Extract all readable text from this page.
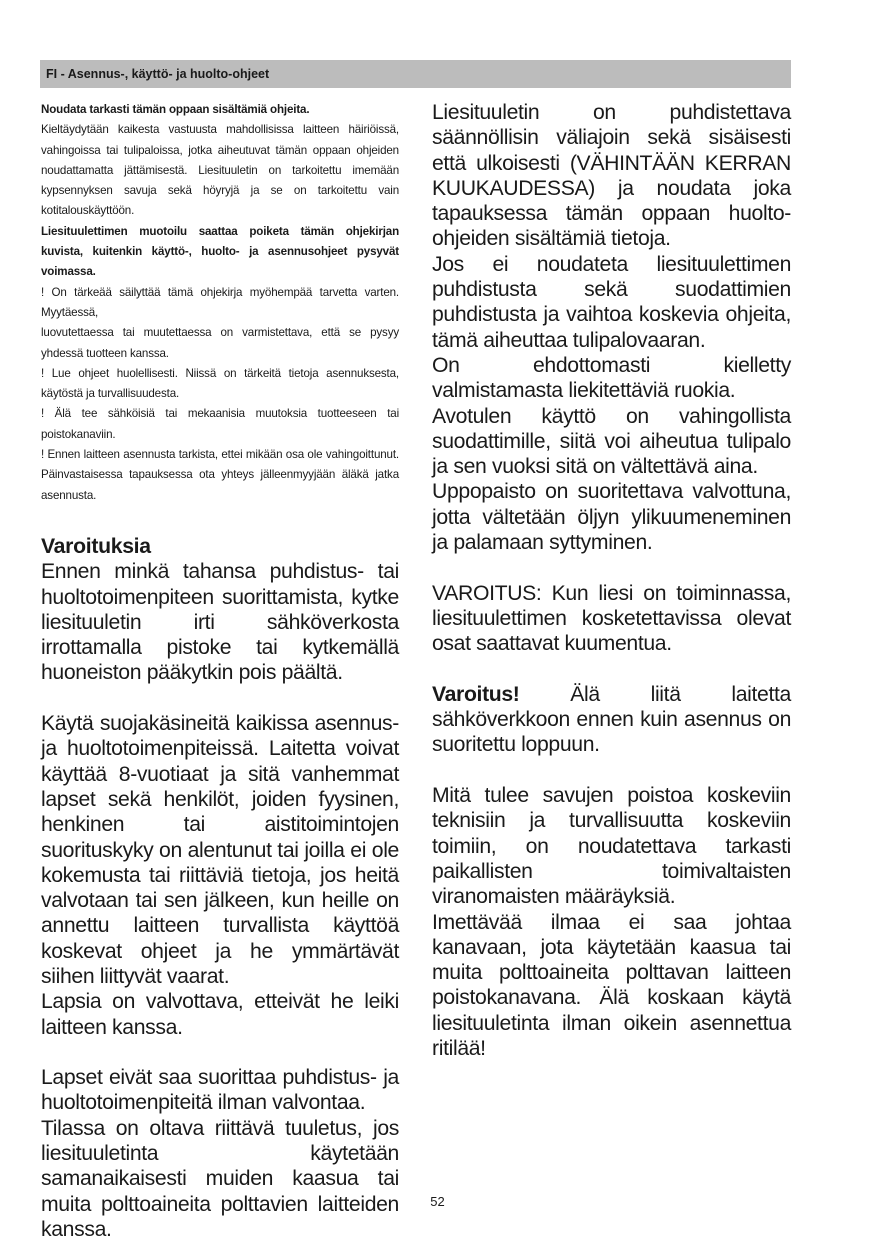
FI - Asennus-, käyttö- ja huolto-ohjeet

Noudata tarkasti tämän oppaan sisältämiä ohjeita.

Kieltäydytään kaikesta vastuusta mahdollisissa laitteen häiriöissä, vahingoissa tai tulipaloissa, jotka aiheutuvat tämän oppaan ohjeiden noudattamatta jättämisestä. Liesituuletin on tarkoitettu imemään kypsennyksen savuja sekä höyryjä ja se on tarkoitettu vain kotitalouskäyttöön.

Liesituulettimen muotoilu saattaa poiketa tämän ohjekirjan kuvista, kuitenkin käyttö-, huolto- ja asennusohjeet pysyvät voimassa.

! On tärkeää säilyttää tämä ohjekirja myöhempää tarvetta varten. Myytäessä,

luovutettaessa tai muutettaessa on varmistettava, että se pysyy yhdessä tuotteen kanssa.

! Lue ohjeet huolellisesti. Niissä on tärkeitä tietoja asennuksesta, käytöstä ja turvallisuudesta.

! Älä tee sähköisiä tai mekaanisia muutoksia tuotteeseen tai poistokanaviin.

! Ennen laitteen asennusta tarkista, ettei mikään osa ole vahingoittunut. Päinvastaisessa tapauksessa ota yhteys jälleenmyyjään äläkä jatka asennusta.

Varoituksia

Ennen minkä tahansa puhdistus- tai huoltotoimenpiteen suorittamista, kytke liesituuletin irti sähköverkosta irrottamalla pistoke tai kytkemällä huoneiston pääkytkin pois päältä.

Käytä suojakäsineitä kaikissa asennus- ja huoltotoimenpiteissä. Laitetta voivat käyttää 8-vuotiaat ja sitä vanhemmat lapset sekä henkilöt, joiden fyysinen, henkinen tai aistitoimintojen suorituskyky on alentunut tai joilla ei ole kokemusta tai riittäviä tietoja, jos heitä valvotaan tai sen jälkeen, kun heille on annettu laitteen turvallista käyttöä koskevat ohjeet ja he ymmärtävät siihen liittyvät vaarat.

Lapsia on valvottava, etteivät he leiki laitteen kanssa.

Lapset eivät saa suorittaa puhdistus- ja huoltotoimenpiteitä ilman valvontaa.

Tilassa on oltava riittävä tuuletus, jos liesituuletinta käytetään samanaikaisesti muiden kaasua tai muita polttoaineita polttavien laitteiden kanssa.

Liesituuletin on puhdistettava säännöllisin väliajoin sekä sisäisesti että ulkoisesti (VÄHINTÄÄN KERRAN KUUKAUDESSA) ja noudata joka tapauksessa tämän oppaan huolto-ohjeiden sisältämiä tietoja.

Jos ei noudateta liesituulettimen puhdistusta sekä suodattimien puhdistusta ja vaihtoa koskevia ohjeita, tämä aiheuttaa tulipalovaaran.

On ehdottomasti kielletty valmistamasta liekitettäviä ruokia.

Avotulen käyttö on vahingollista suodattimille, siitä voi aiheutua tulipalo ja sen vuoksi sitä on vältettävä aina.

Uppopaisto on suoritettava valvottuna, jotta vältetään öljyn ylikuumeneminen ja palamaan syttyminen.

VAROITUS: Kun liesi on toiminnassa, liesituulettimen kosketettavissa olevat osat saattavat kuumentua.

Varoitus! Älä liitä laitetta sähköverkkoon ennen kuin asennus on suoritettu loppuun.

Mitä tulee savujen poistoa koskeviin teknisiin ja turvallisuutta koskeviin toimiin, on noudatettava tarkasti paikallisten toimivaltaisten viranomaisten määräyksiä.

Imettävää ilmaa ei saa johtaa kanavaan, jota käytetään kaasua tai muita polttoaineita polttavan laitteen poistokanavana. Älä koskaan käytä liesituuletinta ilman oikein asennettua ritilää!

52
